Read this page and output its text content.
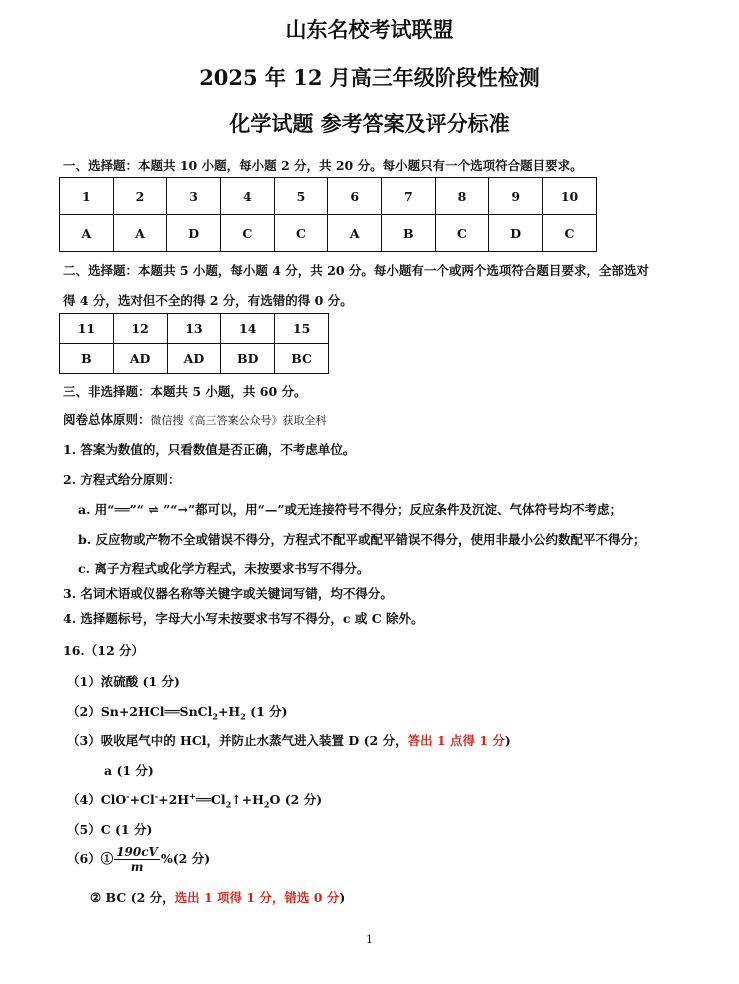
山东名校考试联盟
2025 年 12 月高三年级阶段性检测
化学试题 参考答案及评分标准
一、选择题：本题共 10 小题，每小题 2 分，共 20 分。每小题只有一个选项符合题目要求。
1	2	3	4	5	6	7	8	9	10
A	A	D	C	C	A	B	C	D	C
二、选择题：本题共 5 小题，每小题 4 分，共 20 分。每小题有一个或两个选项符合题目要求，全部选对
得 4 分，选对但不全的得 2 分，有选错的得 0 分。
11	12	13	14	15
B	AD	AD	BD	BC
三、非选择题：本题共 5 小题，共 60 分。
阅卷总体原则：微信搜《高三答案公众号》获取全科
1. 答案为数值的，只看数值是否正确，不考虑单位。
2. 方程式给分原则：
a. 用“══”“ ⇌ ”“→”都可以，用“—”或无连接符号不得分；反应条件及沉淀、气体符号均不考虑；
b. 反应物或产物不全或错误不得分，方程式不配平或配平错误不得分，使用非最小公约数配平不得分；
c. 离子方程式或化学方程式，未按要求书写不得分。
3. 名词术语或仪器名称等关键字或关键词写错，均不得分。
4. 选择题标号，字母大小写未按要求书写不得分，c 或 C 除外。
16.（12 分）
（1）浓硫酸 (1 分)
$(2)Sn+2HCl══SnCl_2+H_2$ (1 分)
（3）吸收尾气中的 HCl，并防止水蒸气进入装置 D (2 分，答出 1 点得 1 分)
a (1 分)
$(4)ClO^-+Cl^-+2H^+══Cl_2↑+H_2O$ (2 分)
（5）C (1 分)
（6）① $\frac{190cV}{m} \%(2$ 分)
② BC (2 分，选出 1 项得 1 分，错选 0 分)
1
